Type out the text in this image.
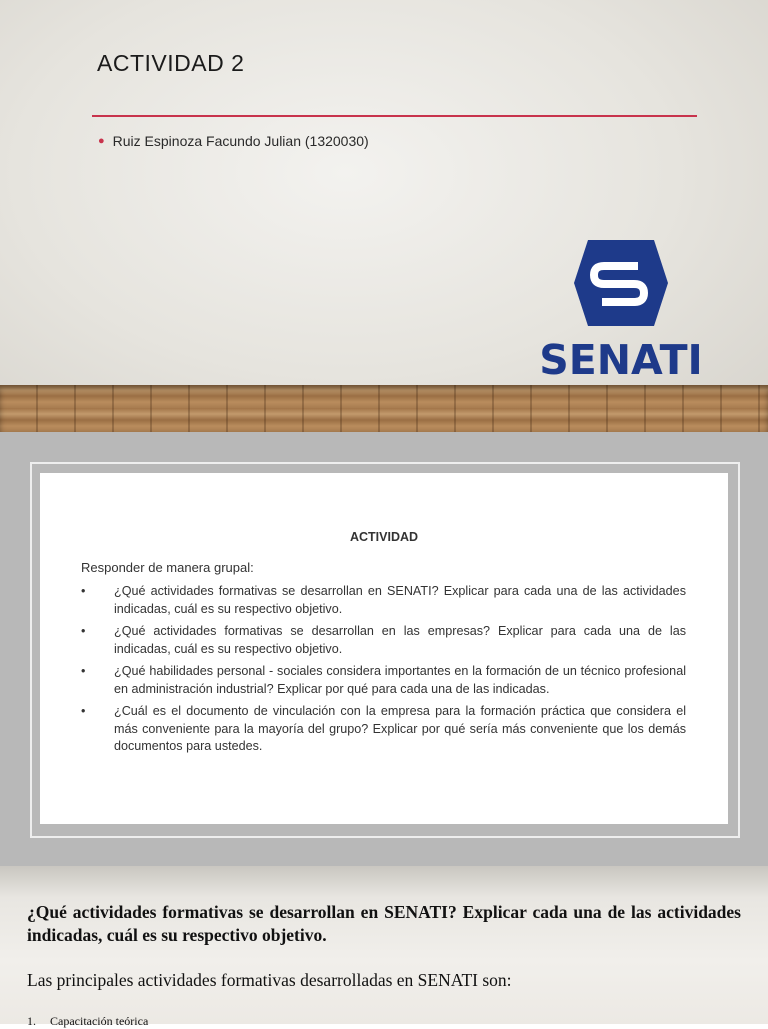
ACTIVIDAD 2
● Ruiz Espinoza Facundo Julian (1320030)
SENATI
ACTIVIDAD
Responder de manera grupal:
• ¿Qué actividades formativas se desarrollan en SENATI? Explicar para cada una de las actividades indicadas, cuál es su respectivo objetivo.
• ¿Qué actividades formativas se desarrollan en las empresas? Explicar para cada una de las indicadas, cuál es su respectivo objetivo.
• ¿Qué habilidades personal - sociales considera importantes en la formación de un técnico profesional en administración industrial? Explicar por qué para cada una de las indicadas.
• ¿Cuál es el documento de vinculación con la empresa para la formación práctica que considera el más conveniente para la mayoría del grupo? Explicar por qué sería más conveniente que los demás documentos para ustedes.
¿Qué actividades formativas se desarrollan en SENATI? Explicar cada una de las actividades indicadas, cuál es su respectivo objetivo.
Las principales actividades formativas desarrolladas en SENATI son:
1. Capacitación teórica
